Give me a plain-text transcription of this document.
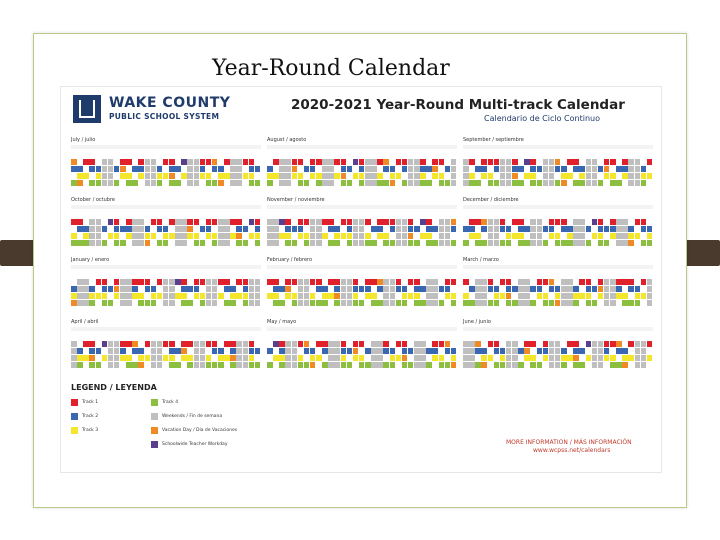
Year-Round Calendar
WAKE COUNTY
PUBLIC SCHOOL SYSTEM
2020-2021 Year-Round Multi-track Calendar
Calendario de Ciclo Continuo
July / julio	August / agosto	September / septiembre
October / octubre	November / noviembre	December / diciembre
January / enero	February / febrero	March / marzo
April / abril	May / mayo	June / junio
LEGEND / LEYENDA
Track 1
Track 2
Track 3
Track 4
Weekends / Fin de semana
Vacation Day / Día de Vacaciones
Schoolwide Teacher Workday	MORE INFORMATION / MÁS INFORMACIÓN
www.wcpss.net/calendars
